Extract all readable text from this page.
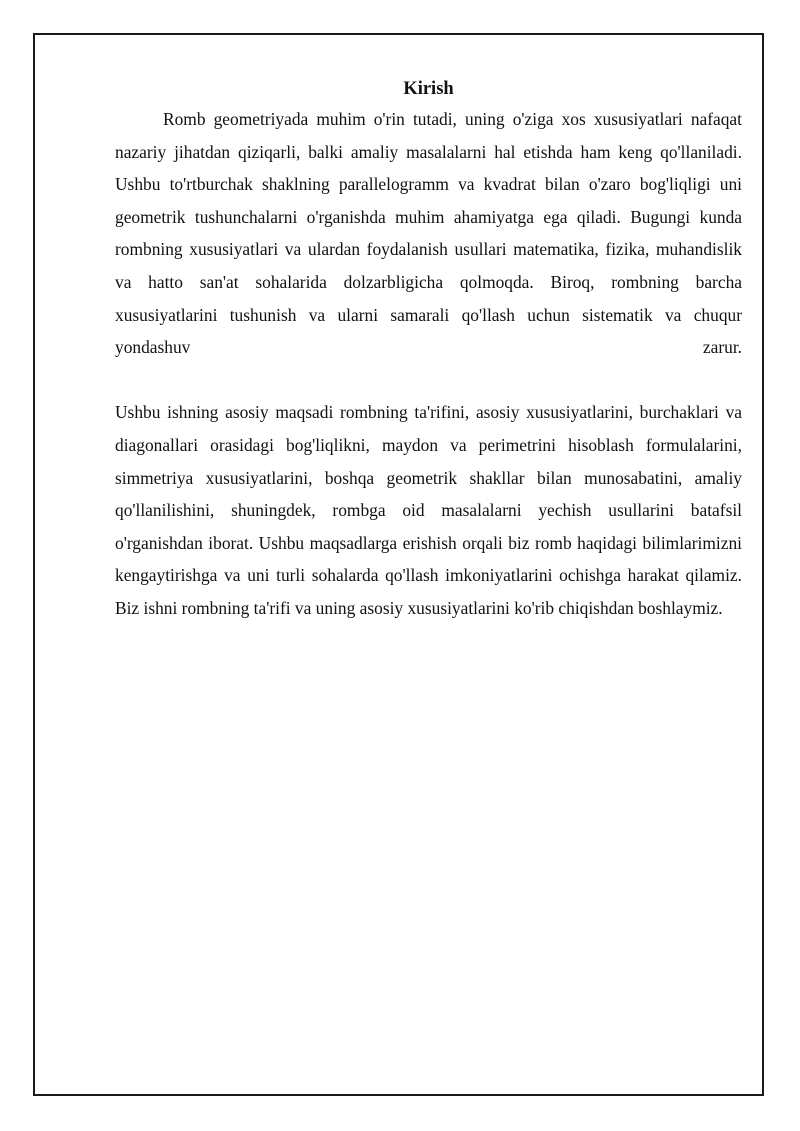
Kirish

Romb geometriyada muhim o'rin tutadi, uning o'ziga xos xususiyatlari nafaqat nazariy jihatdan qiziqarli, balki amaliy masalalarni hal etishda ham keng qo'llaniladi. Ushbu to'rtburchak shaklning parallelogramm va kvadrat bilan o'zaro bog'liqligi uni geometrik tushunchalarni o'rganishda muhim ahamiyatga ega qiladi. Bugungi kunda rombning xususiyatlari va ulardan foydalanish usullari matematika, fizika, muhandislik va hatto san'at sohalarida dolzarbligicha qolmoqda. Biroq, rombning barcha xususiyatlarini tushunish va ularni samarali qo'llash uchun sistematik va chuqur yondashuv zarur.

Ushbu ishning asosiy maqsadi rombning ta'rifini, asosiy xususiyatlarini, burchaklari va diagonallari orasidagi bog'liqlikni, maydon va perimetrini hisoblash formulalarini, simmetriya xususiyatlarini, boshqa geometrik shakllar bilan munosabatini, amaliy qo'llanilishini, shuningdek, rombga oid masalalarni yechish usullarini batafsil o'rganishdan iborat. Ushbu maqsadlarga erishish orqali biz romb haqidagi bilimlarimizni kengaytirishga va uni turli sohalarda qo'llash imkoniyatlarini ochishga harakat qilamiz. Biz ishni rombning ta'rifi va uning asosiy xususiyatlarini ko'rib chiqishdan boshlaymiz.
